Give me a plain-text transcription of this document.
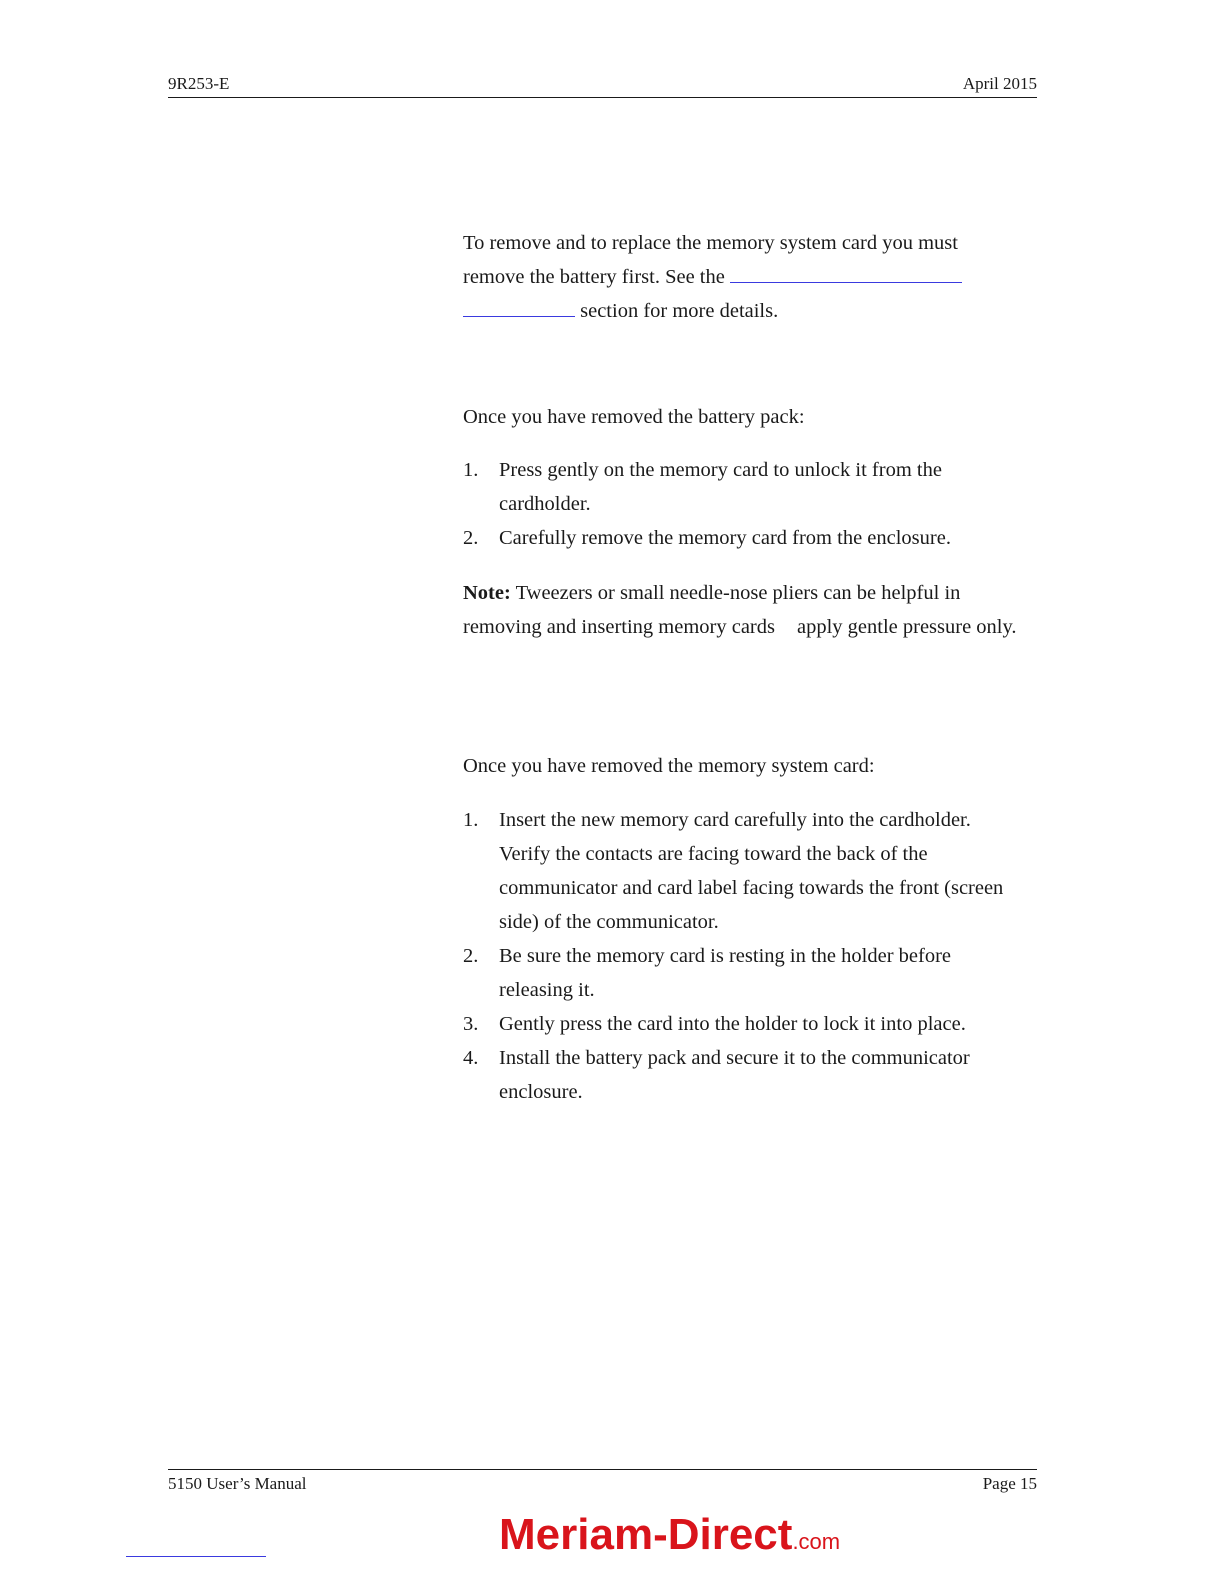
9R253-E	April 2015
To remove and to replace the memory system card you must
remove the battery first. See the
section for more details.
Once you have removed the battery pack:
1. Press gently on the memory card to unlock it from the cardholder.
2. Carefully remove the memory card from the enclosure.
Note: Tweezers or small needle-nose pliers can be helpful in removing and inserting memory cards apply gentle pressure only.
Once you have removed the memory system card:
1. Insert the new memory card carefully into the cardholder. Verify the contacts are facing toward the back of the communicator and card label facing towards the front (screen side) of the communicator.
2. Be sure the memory card is resting in the holder before releasing it.
3. Gently press the card into the holder to lock it into place.
4. Install the battery pack and secure it to the communicator enclosure.
5150 User’s Manual	Page 15
Meriam-Direct.com
